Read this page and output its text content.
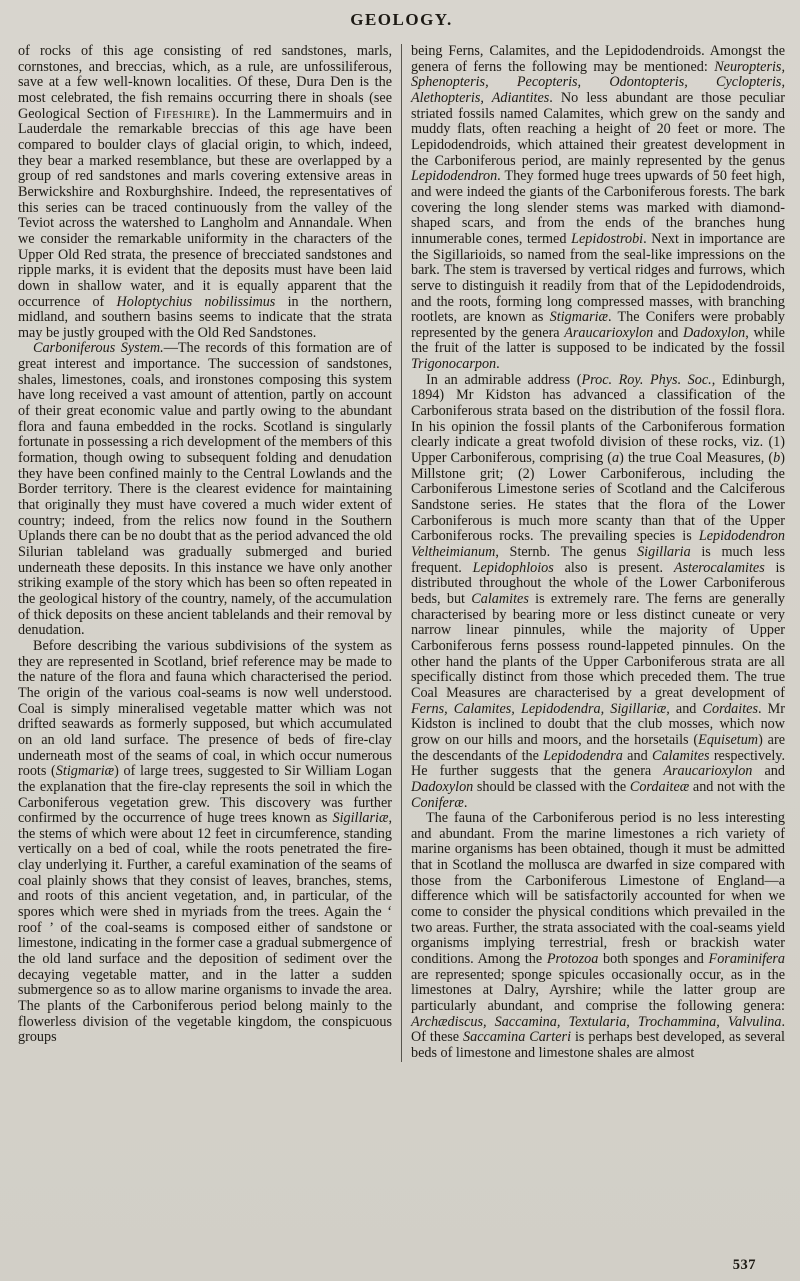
GEOLOGY.

of rocks of this age consisting of red sandstones, marls, cornstones, and breccias, which, as a rule, are unfossiliferous, save at a few well-known localities. Of these, Dura Den is the most celebrated, the fish remains occurring there in shoals (see Geological Section of Fifeshire). In the Lammermuirs and in Lauderdale the remarkable breccias of this age have been compared to boulder clays of glacial origin, to which, indeed, they bear a marked resemblance, but these are overlapped by a group of red sandstones and marls covering extensive areas in Berwickshire and Roxburghshire. Indeed, the representatives of this series can be traced continuously from the valley of the Teviot across the watershed to Langholm and Annandale. When we consider the remarkable uniformity in the characters of the Upper Old Red strata, the presence of brecciated sandstones and ripple marks, it is evident that the deposits must have been laid down in shallow water, and it is equally apparent that the occurrence of Holoptychius nobilissimus in the northern, midland, and southern basins seems to indicate that the strata may be justly grouped with the Old Red Sandstones.

Carboniferous System.—The records of this formation are of great interest and importance. The succession of sandstones, shales, limestones, coals, and ironstones composing this system have long received a vast amount of attention, partly on account of their great economic value and partly owing to the abundant flora and fauna embedded in the rocks. Scotland is singularly fortunate in possessing a rich development of the members of this formation, though owing to subsequent folding and denudation they have been confined mainly to the Central Lowlands and the Border territory. There is the clearest evidence for maintaining that originally they must have covered a much wider extent of country; indeed, from the relics now found in the Southern Uplands there can be no doubt that as the period advanced the old Silurian tableland was gradually submerged and buried underneath these deposits. In this instance we have only another striking example of the story which has been so often repeated in the geological history of the country, namely, of the accumulation of thick deposits on these ancient tablelands and their removal by denudation.

Before describing the various subdivisions of the system as they are represented in Scotland, brief reference may be made to the nature of the flora and fauna which characterised the period. The origin of the various coal-seams is now well understood. Coal is simply mineralised vegetable matter which was not drifted seawards as formerly supposed, but which accumulated on an old land surface. The presence of beds of fire-clay underneath most of the seams of coal, in which occur numerous roots (Stigmariæ) of large trees, suggested to Sir William Logan the explanation that the fire-clay represents the soil in which the Carboniferous vegetation grew. This discovery was further confirmed by the occurrence of huge trees known as Sigillariæ, the stems of which were about 12 feet in circumference, standing vertically on a bed of coal, while the roots penetrated the fire-clay underlying it. Further, a careful examination of the seams of coal plainly shows that they consist of leaves, branches, stems, and roots of this ancient vegetation, and, in particular, of the spores which were shed in myriads from the trees. Again the ‘ roof ’ of the coal-seams is composed either of sandstone or limestone, indicating in the former case a gradual submergence of the old land surface and the deposition of sediment over the decaying vegetable matter, and in the latter a sudden submergence so as to allow marine organisms to invade the area. The plants of the Carboniferous period belong mainly to the flowerless division of the vegetable kingdom, the conspicuous groups

being Ferns, Calamites, and the Lepidodendroids. Amongst the genera of ferns the following may be mentioned: Neuropteris, Sphenopteris, Pecopteris, Odontopteris, Cyclopteris, Alethopteris, Adiantites. No less abundant are those peculiar striated fossils named Calamites, which grew on the sandy and muddy flats, often reaching a height of 20 feet or more. The Lepidodendroids, which attained their greatest development in the Carboniferous period, are mainly represented by the genus Lepidodendron. They formed huge trees upwards of 50 feet high, and were indeed the giants of the Carboniferous forests. The bark covering the long slender stems was marked with diamond-shaped scars, and from the ends of the branches hung innumerable cones, termed Lepidostrobi. Next in importance are the Sigillarioids, so named from the seal-like impressions on the bark. The stem is traversed by vertical ridges and furrows, which serve to distinguish it readily from that of the Lepidodendroids, and the roots, forming long compressed masses, with branching rootlets, are known as Stigmariæ. The Conifers were probably represented by the genera Araucarioxylon and Dadoxylon, while the fruit of the latter is supposed to be indicated by the fossil Trigonocarpon.

In an admirable address (Proc. Roy. Phys. Soc., Edinburgh, 1894) Mr Kidston has advanced a classification of the Carboniferous strata based on the distribution of the fossil flora. In his opinion the fossil plants of the Carboniferous formation clearly indicate a great twofold division of these rocks, viz. (1) Upper Carboniferous, comprising (a) the true Coal Measures, (b) Millstone grit; (2) Lower Carboniferous, including the Carboniferous Limestone series of Scotland and the Calciferous Sandstone series. He states that the flora of the Lower Carboniferous is much more scanty than that of the Upper Carboniferous rocks. The prevailing species is Lepidodendron Veltheimianum, Sternb. The genus Sigillaria is much less frequent. Lepidophloios also is present. Asterocalamites is distributed throughout the whole of the Lower Carboniferous beds, but Calamites is extremely rare. The ferns are generally characterised by bearing more or less distinct cuneate or very narrow linear pinnules, while the majority of Upper Carboniferous ferns possess round-lappeted pinnules. On the other hand the plants of the Upper Carboniferous strata are all specifically distinct from those which preceded them. The true Coal Measures are characterised by a great development of Ferns, Calamites, Lepidodendra, Sigillariæ, and Cordaites. Mr Kidston is inclined to doubt that the club mosses, which now grow on our hills and moors, and the horsetails (Equisetum) are the descendants of the Lepidodendra and Calamites respectively. He further suggests that the genera Araucarioxylon and Dadoxylon should be classed with the Cordaiteæ and not with the Coniferæ.

The fauna of the Carboniferous period is no less interesting and abundant. From the marine limestones a rich variety of marine organisms has been obtained, though it must be admitted that in Scotland the mollusca are dwarfed in size compared with those from the Carboniferous Limestone of England—a difference which will be satisfactorily accounted for when we come to consider the physical conditions which prevailed in the two areas. Further, the strata associated with the coal-seams yield organisms implying terrestrial, fresh or brackish water conditions. Among the Protozoa both sponges and Foraminifera are represented; sponge spicules occasionally occur, as in the limestones at Dalry, Ayrshire; while the latter group are particularly abundant, and comprise the following genera: Archædiscus, Saccamina, Textularia, Trochammina, Valvulina. Of these Saccamina Carteri is perhaps best developed, as several beds of limestone and limestone shales are almost

537
